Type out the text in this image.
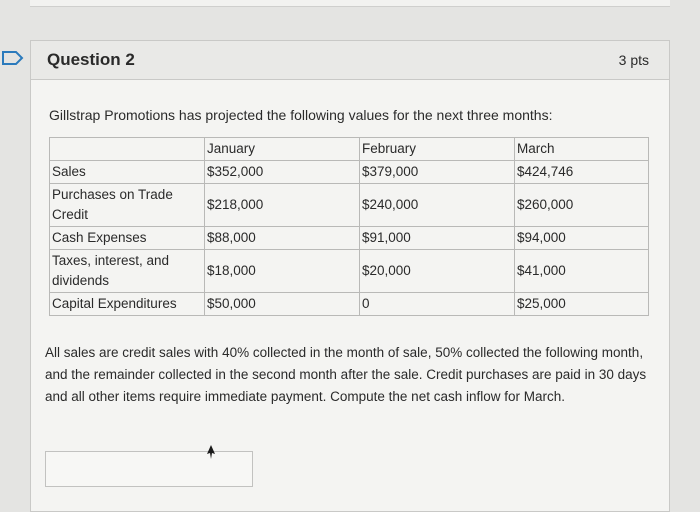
Question 2	3 pts
Gillstrap Promotions has projected the following values for the next three months:
	January	February	March
Sales	$352,000	$379,000	$424,746
Purchases on Trade Credit	$218,000	$240,000	$260,000
Cash Expenses	$88,000	$91,000	$94,000
Taxes, interest, and dividends	$18,000	$20,000	$41,000
Capital Expenditures	$50,000	0	$25,000
All sales are credit sales with 40% collected in the month of sale, 50% collected the following month, and the remainder collected in the second month after the sale. Credit purchases are paid in 30 days and all other items require immediate payment. Compute the net cash inflow for March.
